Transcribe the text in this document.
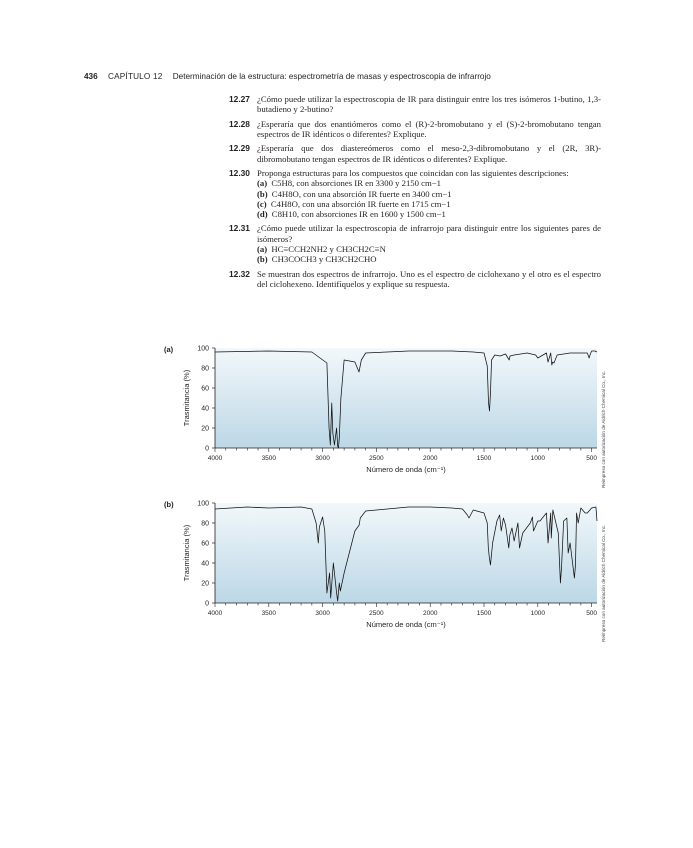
436 CAPÍTULO 12 Determinación de la estructura: espectrometría de masas y espectroscopia de infrarrojo
12.27 ¿Cómo puede utilizar la espectroscopia de IR para distinguir entre los tres isómeros 1-butino, 1,3-butadieno y 2-butino?
12.28 ¿Esperaría que dos enantiómeros como el (R)-2-bromobutano y el (S)-2-bromobutano tengan espectros de IR idénticos o diferentes? Explique.
12.29 ¿Esperaría que dos diastereómeros como el meso-2,3-dibromobutano y el (2R, 3R)-dibromobutano tengan espectros de IR idénticos o diferentes? Explique.
12.30 Proponga estructuras para los compuestos que coincidan con las siguientes descripciones:
(a) C5H8, con absorciones IR en 3300 y 2150 cm−1
(b) C4H8O, con una absorción IR fuerte en 3400 cm−1
(c) C4H8O, con una absorción IR fuerte en 1715 cm−1
(d) C8H10, con absorciones IR en 1600 y 1500 cm−1
12.31 ¿Cómo puede utilizar la espectroscopia de infrarrojo para distinguir entre los siguientes pares de isómeros?
(a) HC≡CCH2NH2 y CH3CH2C≡N
(b) CH3COCH3 y CH3CH2CHO
12.32 Se muestran dos espectros de infrarrojo. Uno es el espectro de ciclohexano y el otro es el espectro del ciclohexeno. Identifíquelos y explique su respuesta.
(a)
0
20
40
60
80
100
4000	3500	3000	2500	2000	1500	1000	500
Número de onda (cm⁻¹)
Trasmitancia (%)	Reimpreso con autorización de Aldrich Chemical Co., Inc.
(b)
0
20
40
60
80
100
4000	3500	3000	2500	2000	1500	1000	500
Número de onda (cm⁻¹)
Trasmitancia (%)	Reimpreso con autorización de Aldrich Chemical Co., Inc.
